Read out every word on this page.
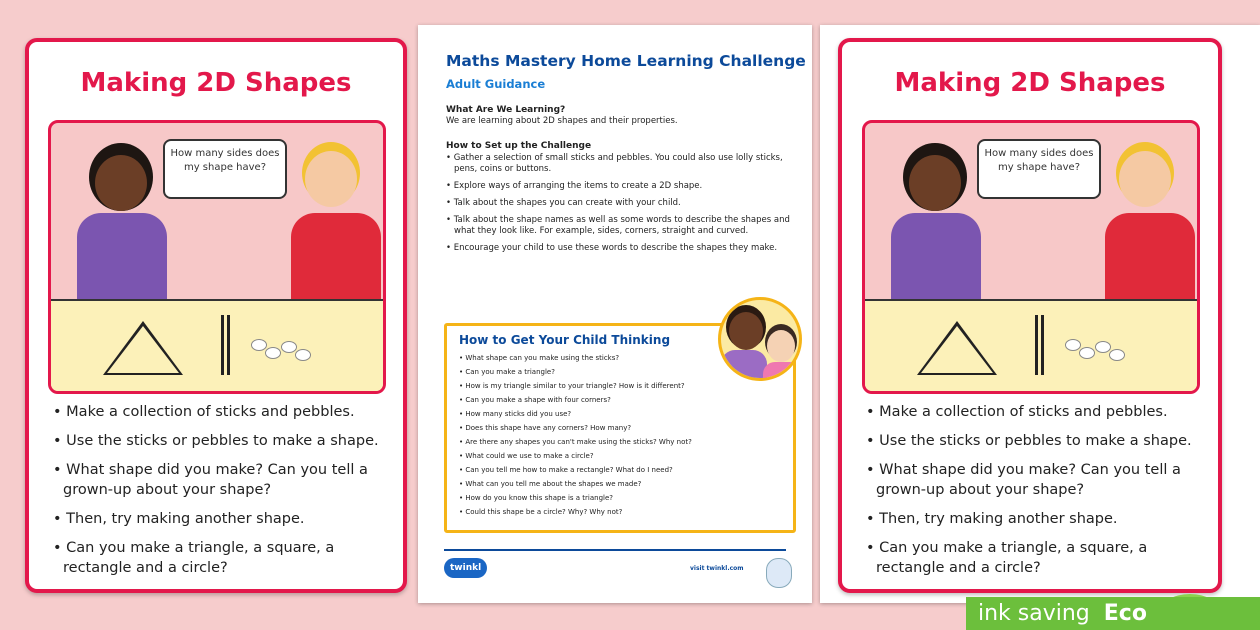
Making 2D Shapes
How many sides does my shape have?
• Make a collection of sticks and pebbles.
• Use the sticks or pebbles to make a shape.
• What shape did you make? Can you tell a grown-up about your shape?
• Then, try making another shape.
• Can you make a triangle, a square, a rectangle and a circle?
Maths Mastery Home Learning Challenge
Adult Guidance
What Are We Learning?
We are learning about 2D shapes and their properties.
How to Set up the Challenge
• Gather a selection of small sticks and pebbles. You could also use lolly sticks, pens, coins or buttons.
• Explore ways of arranging the items to create a 2D shape.
• Talk about the shapes you can create with your child.
• Talk about the shape names as well as some words to describe the shapes and what they look like. For example, sides, corners, straight and curved.
• Encourage your child to use these words to describe the shapes they make.
How to Get Your Child Thinking
• What shape can you make using the sticks?
• Can you make a triangle?
• How is my triangle similar to your triangle? How is it different?
• Can you make a shape with four corners?
• How many sticks did you use?
• Does this shape have any corners? How many?
• Are there any shapes you can't make using the sticks? Why not?
• What could we use to make a circle?
• Can you tell me how to make a rectangle? What do I need?
• What can you tell me about the shapes we made?
• How do you know this shape is a triangle?
• Could this shape be a circle? Why? Why not?
twinkl	visit twinkl.com
Making 2D Shapes
How many sides does my shape have?
• Make a collection of sticks and pebbles.
• Use the sticks or pebbles to make a shape.
• What shape did you make? Can you tell a grown-up about your shape?
• Then, try making another shape.
• Can you make a triangle, a square, a rectangle and a circle?
ink saving Eco
